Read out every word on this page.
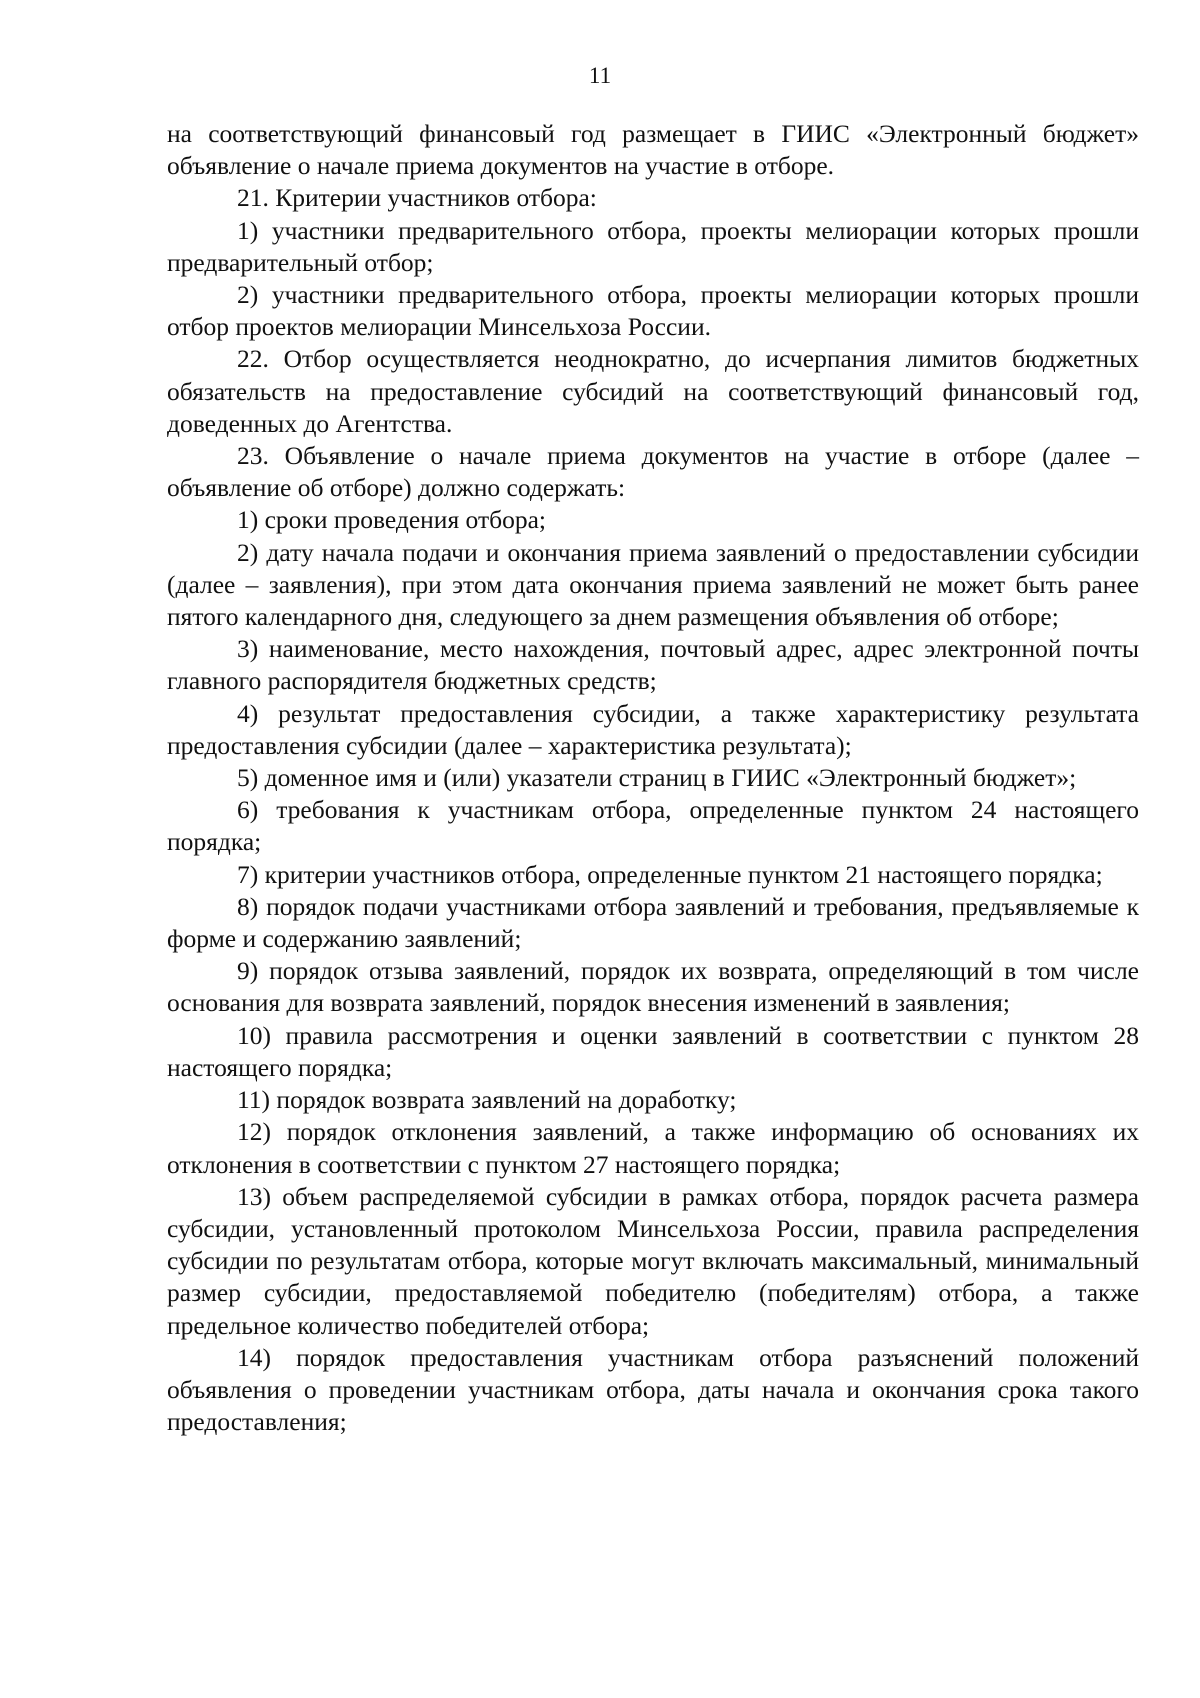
11

на соответствующий финансовый год размещает в ГИИС «Электронный бюджет» объявление о начале приема документов на участие в отборе.

21. Критерии участников отбора:

1) участники предварительного отбора, проекты мелиорации которых прошли предварительный отбор;

2) участники предварительного отбора, проекты мелиорации которых прошли отбор проектов мелиорации Минсельхоза России.

22. Отбор осуществляется неоднократно, до исчерпания лимитов бюджетных обязательств на предоставление субсидий на соответствующий финансовый год, доведенных до Агентства.

23. Объявление о начале приема документов на участие в отборе (далее – объявление об отборе) должно содержать:

1) сроки проведения отбора;

2) дату начала подачи и окончания приема заявлений о предоставлении субсидии (далее – заявления), при этом дата окончания приема заявлений не может быть ранее пятого календарного дня, следующего за днем размещения объявления об отборе;

3) наименование, место нахождения, почтовый адрес, адрес электронной почты главного распорядителя бюджетных средств;

4) результат предоставления субсидии, а также характеристику результата предоставления субсидии (далее – характеристика результата);

5) доменное имя и (или) указатели страниц в ГИИС «Электронный бюджет»;

6) требования к участникам отбора, определенные пунктом 24 настоящего порядка;

7) критерии участников отбора, определенные пунктом 21 настоящего порядка;

8) порядок подачи участниками отбора заявлений и требования, предъявляемые к форме и содержанию заявлений;

9) порядок отзыва заявлений, порядок их возврата, определяющий в том числе основания для возврата заявлений, порядок внесения изменений в заявления;

10) правила рассмотрения и оценки заявлений в соответствии с пунктом 28 настоящего порядка;

11) порядок возврата заявлений на доработку;

12) порядок отклонения заявлений, а также информацию об основаниях их отклонения в соответствии с пунктом 27 настоящего порядка;

13) объем распределяемой субсидии в рамках отбора, порядок расчета размера субсидии, установленный протоколом Минсельхоза России, правила распределения субсидии по результатам отбора, которые могут включать максимальный, минимальный размер субсидии, предоставляемой победителю (победителям) отбора, а также предельное количество победителей отбора;

14) порядок предоставления участникам отбора разъяснений положений объявления о проведении участникам отбора, даты начала и окончания срока такого предоставления;
